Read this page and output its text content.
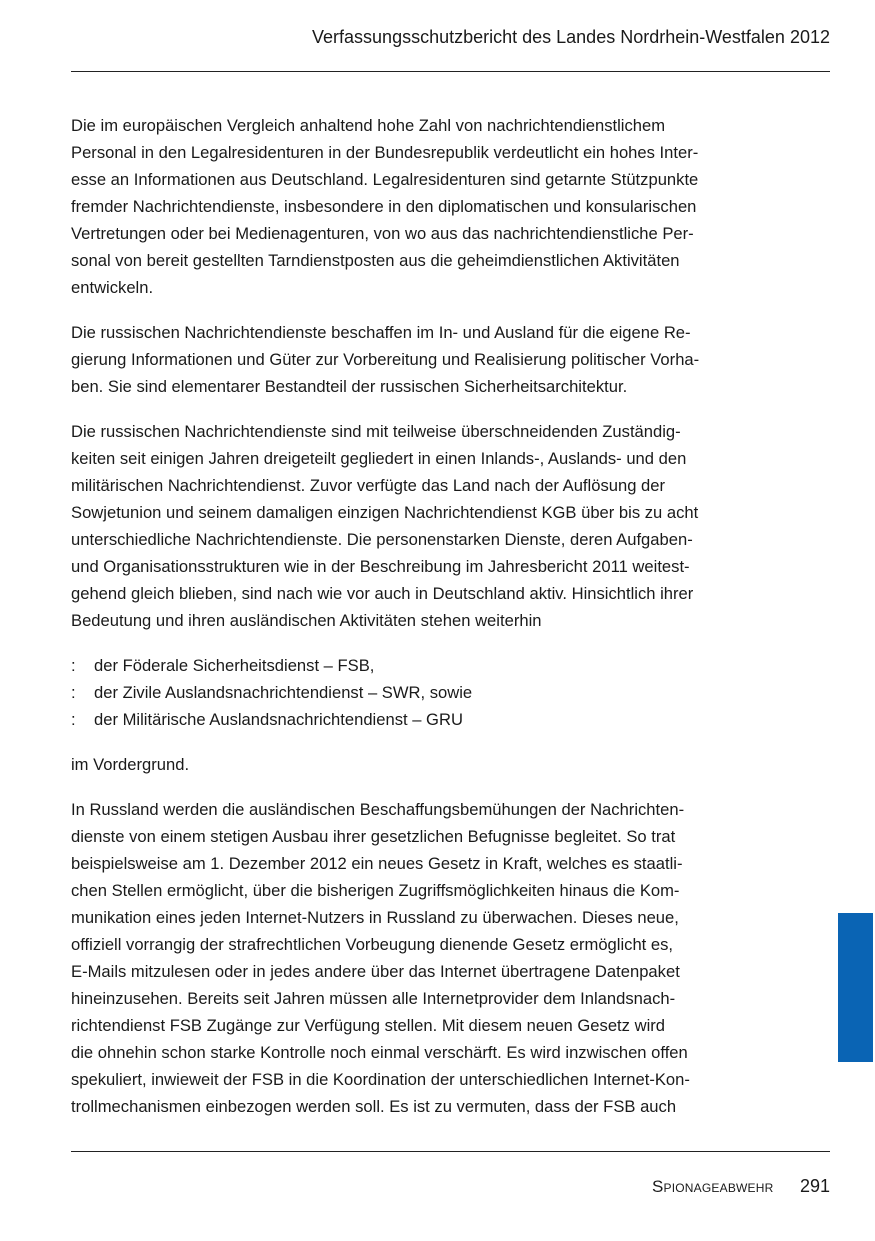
Verfassungsschutzbericht des Landes Nordrhein-Westfalen 2012
Die im europäischen Vergleich anhaltend hohe Zahl von nachrichtendienstlichem
Personal in den Legalresidenturen in der Bundesrepublik verdeutlicht ein hohes Inter-
esse an Informationen aus Deutschland. Legalresidenturen sind getarnte Stützpunkte
fremder Nachrichtendienste, insbesondere in den diplomatischen und konsularischen
Vertretungen oder bei Medienagenturen, von wo aus das nachrichtendienstliche Per-
sonal von bereit gestellten Tarndienstposten aus die geheimdienstlichen Aktivitäten
entwickeln.
Die russischen Nachrichtendienste beschaffen im In- und Ausland für die eigene Re-
gierung Informationen und Güter zur Vorbereitung und Realisierung politischer Vorha-
ben. Sie sind elementarer Bestandteil der russischen Sicherheitsarchitektur.
Die russischen Nachrichtendienste sind mit teilweise überschneidenden Zuständig-
keiten seit einigen Jahren dreigeteilt gegliedert in einen Inlands-, Auslands- und den
militärischen Nachrichtendienst. Zuvor verfügte das Land nach der Auflösung der
Sowjetunion und seinem damaligen einzigen Nachrichtendienst KGB über bis zu acht
unterschiedliche Nachrichtendienste. Die personenstarken Dienste, deren Aufgaben-
und Organisationsstrukturen wie in der Beschreibung im Jahresbericht 2011 weitest-
gehend gleich blieben, sind nach wie vor auch in Deutschland aktiv. Hinsichtlich ihrer
Bedeutung und ihren ausländischen Aktivitäten stehen weiterhin
:	der Föderale Sicherheitsdienst – FSB,
:	der Zivile Auslandsnachrichtendienst – SWR, sowie
:	der Militärische Auslandsnachrichtendienst – GRU
im Vordergrund.
In Russland werden die ausländischen Beschaffungsbemühungen der Nachrichten-
dienste von einem stetigen Ausbau ihrer gesetzlichen Befugnisse begleitet. So trat
beispielsweise am 1. Dezember 2012 ein neues Gesetz in Kraft, welches es staatli-
chen Stellen ermöglicht, über die bisherigen Zugriffsmöglichkeiten hinaus die Kom-
munikation eines jeden Internet-Nutzers in Russland zu überwachen. Dieses neue,
offiziell vorrangig der strafrechtlichen Vorbeugung dienende Gesetz ermöglicht es,
E-Mails mitzulesen oder in jedes andere über das Internet übertragene Datenpaket
hineinzusehen. Bereits seit Jahren müssen alle Internetprovider dem Inlandsnach-
richtendienst FSB Zugänge zur Verfügung stellen. Mit diesem neuen Gesetz wird
die ohnehin schon starke Kontrolle noch einmal verschärft. Es wird inzwischen offen
spekuliert, inwieweit der FSB in die Koordination der unterschiedlichen Internet-Kon-
trollmechanismen einbezogen werden soll. Es ist zu vermuten, dass der FSB auch
Spionageabwehr 291
